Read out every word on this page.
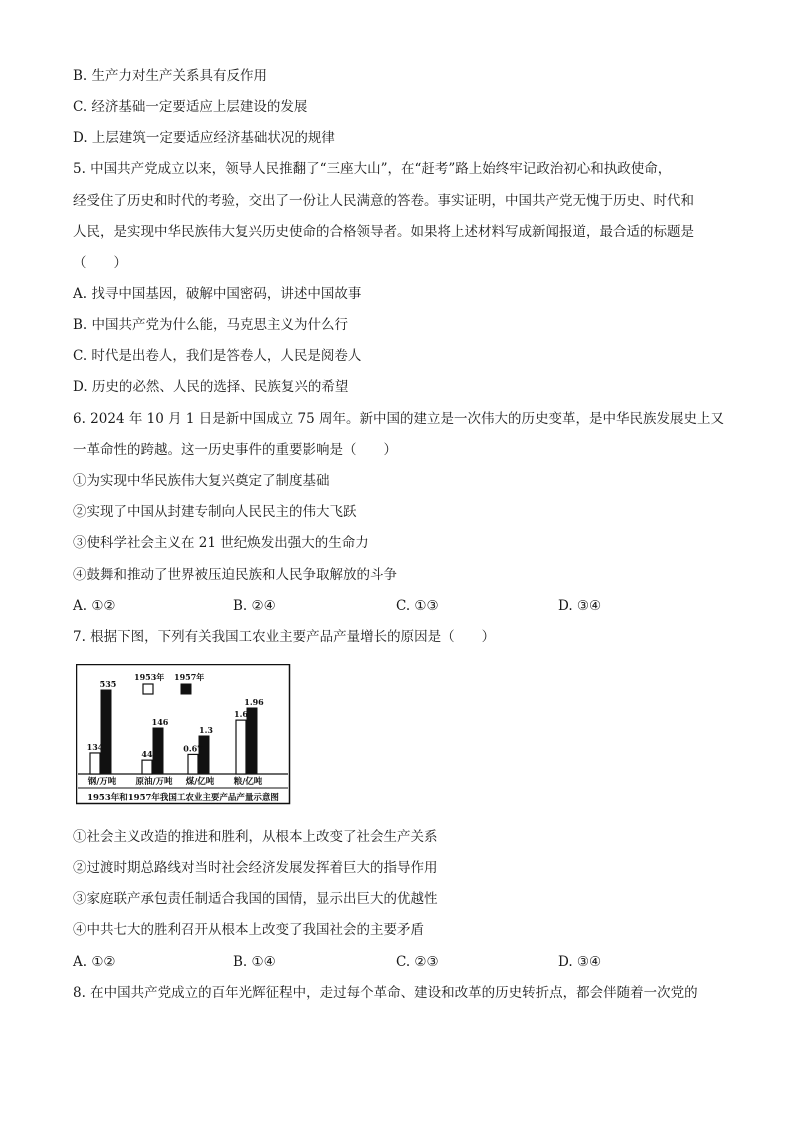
B. 生产力对生产关系具有反作用
C. 经济基础一定要适应上层建设的发展
D. 上层建筑一定要适应经济基础状况的规律
5. 中国共产党成立以来，领导人民推翻了“三座大山”，在“赶考”路上始终牢记政治初心和执政使命，
经受住了历史和时代的考验，交出了一份让人民满意的答卷。事实证明，中国共产党无愧于历史、时代和
人民，是实现中华民族伟大复兴历史使命的合格领导者。如果将上述材料写成新闻报道，最合适的标题是
（　　）
A. 找寻中国基因，破解中国密码，讲述中国故事
B. 中国共产党为什么能，马克思主义为什么行
C. 时代是出卷人，我们是答卷人，人民是阅卷人
D. 历史的必然、人民的选择、民族复兴的希望
6. 2024 年 10 月 1 日是新中国成立 75 周年。新中国的建立是一次伟大的历史变革，是中华民族发展史上又
一革命性的跨越。这一历史事件的重要影响是（　　）
①为实现中华民族伟大复兴奠定了制度基础
②实现了中国从封建专制向人民民主的伟大飞跃
③使科学社会主义在 21 世纪焕发出强大的生命力
④鼓舞和推动了世界被压迫民族和人民争取解放的斗争
A. ①②	B. ②④	C. ①③	D. ③④
7. 根据下图，下列有关我国工农业主要产品产量增长的原因是（　　）
1953年 1957年
134
535
钢/万吨
44
146
原油/万吨
0.67
1.3
煤/亿吨
1.6
1.96
粮/亿吨
1953年和1957年我国工农业主要产品产量示意图
①社会主义改造的推进和胜利，从根本上改变了社会生产关系
②过渡时期总路线对当时社会经济发展发挥着巨大的指导作用
③家庭联产承包责任制适合我国的国情，显示出巨大的优越性
④中共七大的胜利召开从根本上改变了我国社会的主要矛盾
A. ①②	B. ①④	C. ②③	D. ③④
8. 在中国共产党成立的百年光辉征程中，走过每个革命、建设和改革的历史转折点，都会伴随着一次党的
